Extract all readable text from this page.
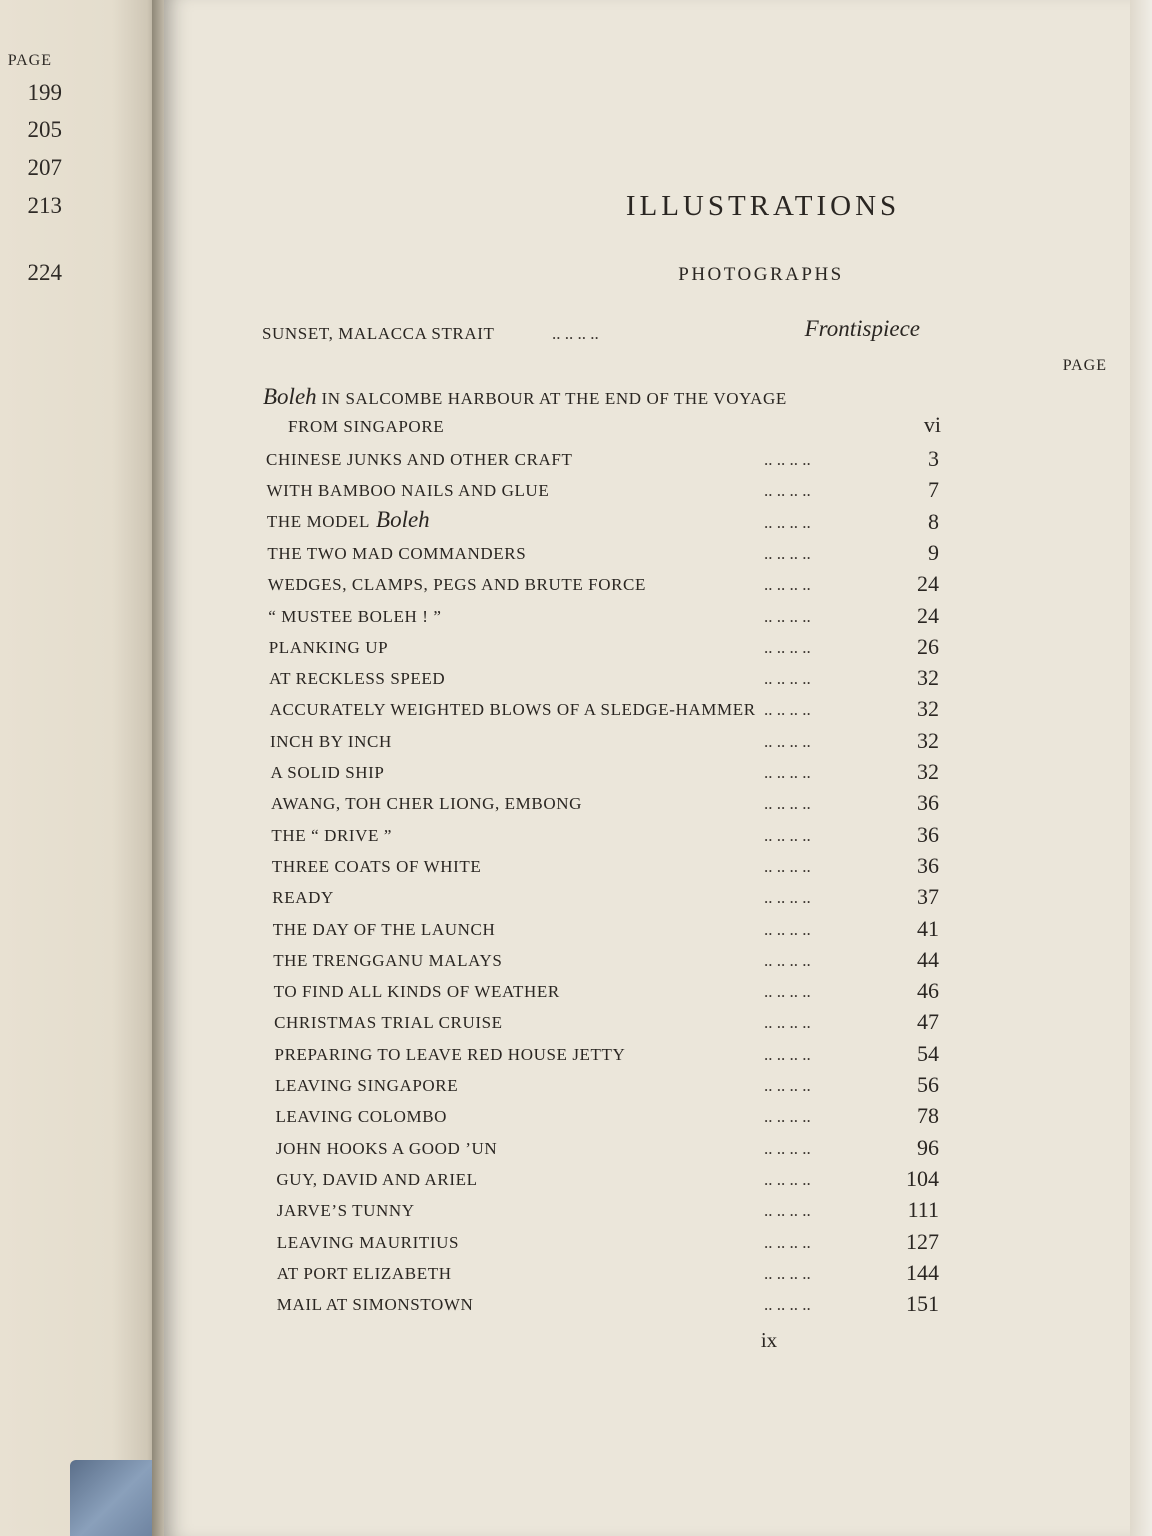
PAGE
199
205
207
213
224
ILLUSTRATIONS
PHOTOGRAPHS
SUNSET, MALACCA STRAIT	.. .. .. ..	Frontispiece
PAGE
Boleh IN SALCOMBE HARBOUR AT THE END OF THE VOYAGE
FROM SINGAPORE	vi
CHINESE JUNKS AND OTHER CRAFT	.. .. .. ..	3
WITH BAMBOO NAILS AND GLUE	.. .. .. ..	7
THE MODEL Boleh	.. .. .. ..	8
THE TWO MAD COMMANDERS	.. .. .. ..	9
WEDGES, CLAMPS, PEGS AND BRUTE FORCE	.. .. .. ..	24
“ MUSTEE BOLEH ! ”	.. .. .. ..	24
PLANKING UP	.. .. .. ..	26
AT RECKLESS SPEED	.. .. .. ..	32
ACCURATELY WEIGHTED BLOWS OF A SLEDGE-HAMMER .. .. .. ..	32
INCH BY INCH	.. .. .. ..	32
A SOLID SHIP	.. .. .. ..	32
AWANG, TOH CHER LIONG, EMBONG	.. .. .. ..	36
THE “ DRIVE ”	.. .. .. ..	36
THREE COATS OF WHITE	.. .. .. ..	36
READY	.. .. .. ..	37
THE DAY OF THE LAUNCH	.. .. .. ..	41
THE TRENGGANU MALAYS	.. .. .. ..	44
TO FIND ALL KINDS OF WEATHER	.. .. .. ..	46
CHRISTMAS TRIAL CRUISE	.. .. .. ..	47
PREPARING TO LEAVE RED HOUSE JETTY	.. .. .. ..	54
LEAVING SINGAPORE	.. .. .. ..	56
LEAVING COLOMBO	.. .. .. ..	78
JOHN HOOKS A GOOD ’UN	.. .. .. ..	96
GUY, DAVID AND ARIEL	.. .. .. ..	104
JARVE’S TUNNY	.. .. .. ..	111
LEAVING MAURITIUS	.. .. .. ..	127
AT PORT ELIZABETH	.. .. .. ..	144
MAIL AT SIMONSTOWN	.. .. .. ..	151
ix
